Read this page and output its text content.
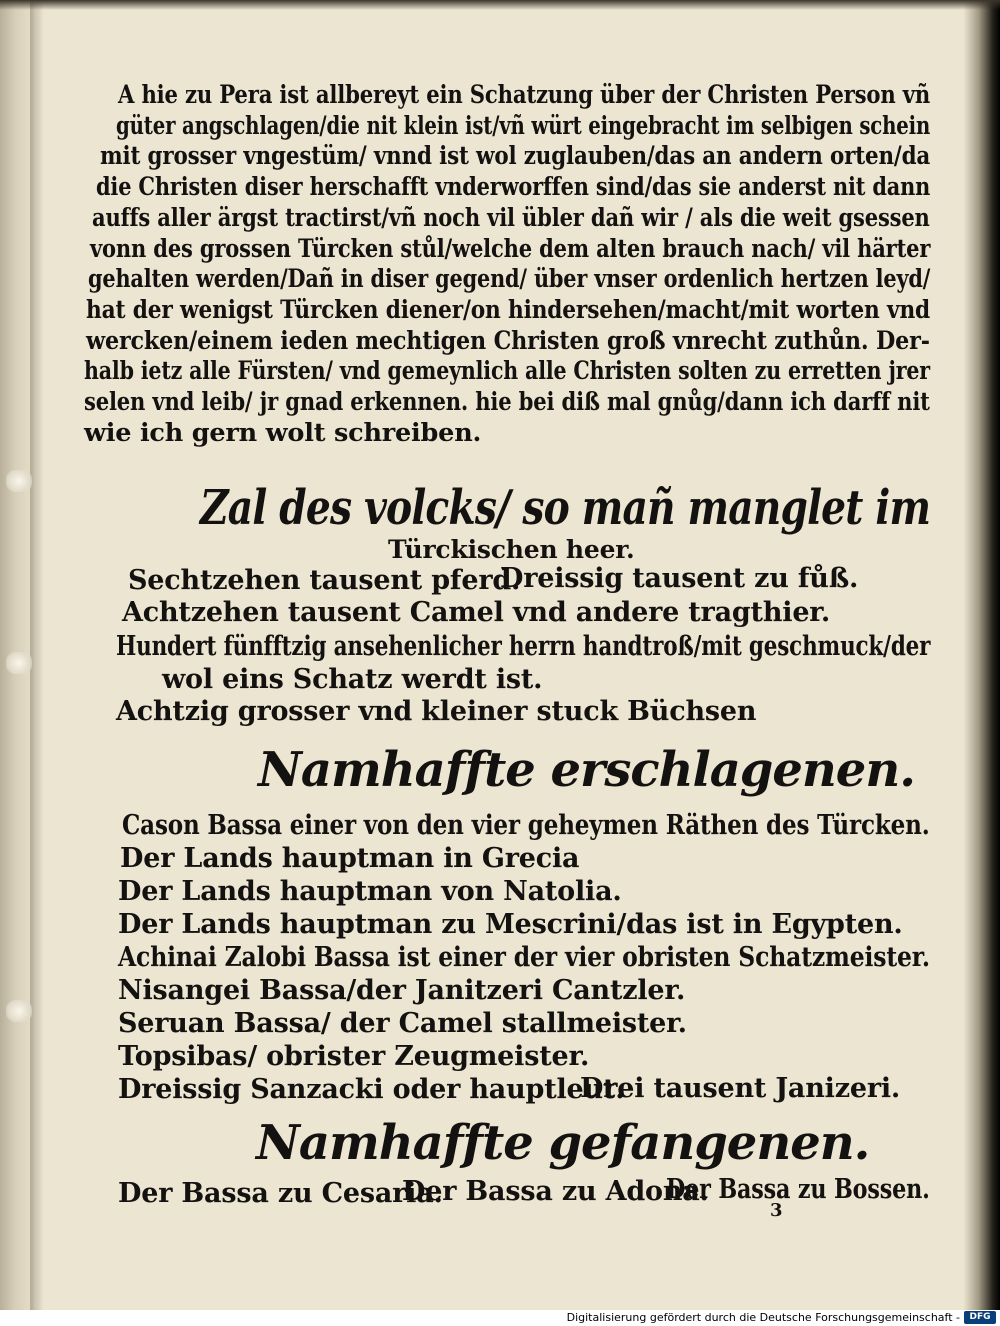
A hie zu Pera ist allbereyt ein Schatzung über der Christen Person vñ
güter angschlagen/die nit klein ist/vñ würt eingebracht im selbigen schein
mit grosser vngestüm/ vnnd ist wol zuglauben/das an andern orten/da
die Christen diser herschafft vnderworffen sind/das sie anderst nit dann
auffs aller ärgst tractirst/vñ noch vil übler dañ wir / als die weit gsessen
vonn des grossen Türcken stůl/welche dem alten brauch nach/ vil härter
gehalten werden/Dañ in diser gegend/ über vnser ordenlich hertzen leyd/
hat der wenigst Türcken diener/on hindersehen/macht/mit worten vnd
wercken/einem ieden mechtigen Christen groß vnrecht zuthůn. Der-
halb ietz alle Fürsten/ vnd gemeynlich alle Christen solten zu erretten jrer
selen vnd leib/ jr gnad erkennen. hie bei diß mal gnůg/dann ich darff nit
wie ich gern wolt schreiben.
Zal des volcks/ so mañ manglet im
Türckischen heer.
Sechtzehen tausent pferd.
Dreissig tausent zu fůß.
Achtzehen tausent Camel vnd andere tragthier.
Hundert fünfftzig ansehenlicher herrn handtroß/mit geschmuck/der
wol eins Schatz werdt ist.
Achtzig grosser vnd kleiner stuck Büchsen
Namhaffte erschlagenen.
Cason Bassa einer von den vier geheymen Räthen des Türcken.
Der Lands hauptman in Grecia
Der Lands hauptman von Natolia.
Der Lands hauptman zu Mescrini/das ist in Egypten.
Achinai Zalobi Bassa ist einer der vier obristen Schatzmeister.
Nisangei Bassa/der Janitzeri Cantzler.
Seruan Bassa/ der Camel stallmeister.
Topsibas/ obrister Zeugmeister.
Dreissig Sanzacki oder hauptleut.
Drei tausent Janizeri.
Namhaffte gefangenen.
Der Bassa zu Cesaria.
Der Bassa zu Adona.
Der Bassa zu Bossen.
3
Digitalisierung gefördert durch die Deutsche Forschungsgemeinschaft -	DFG
